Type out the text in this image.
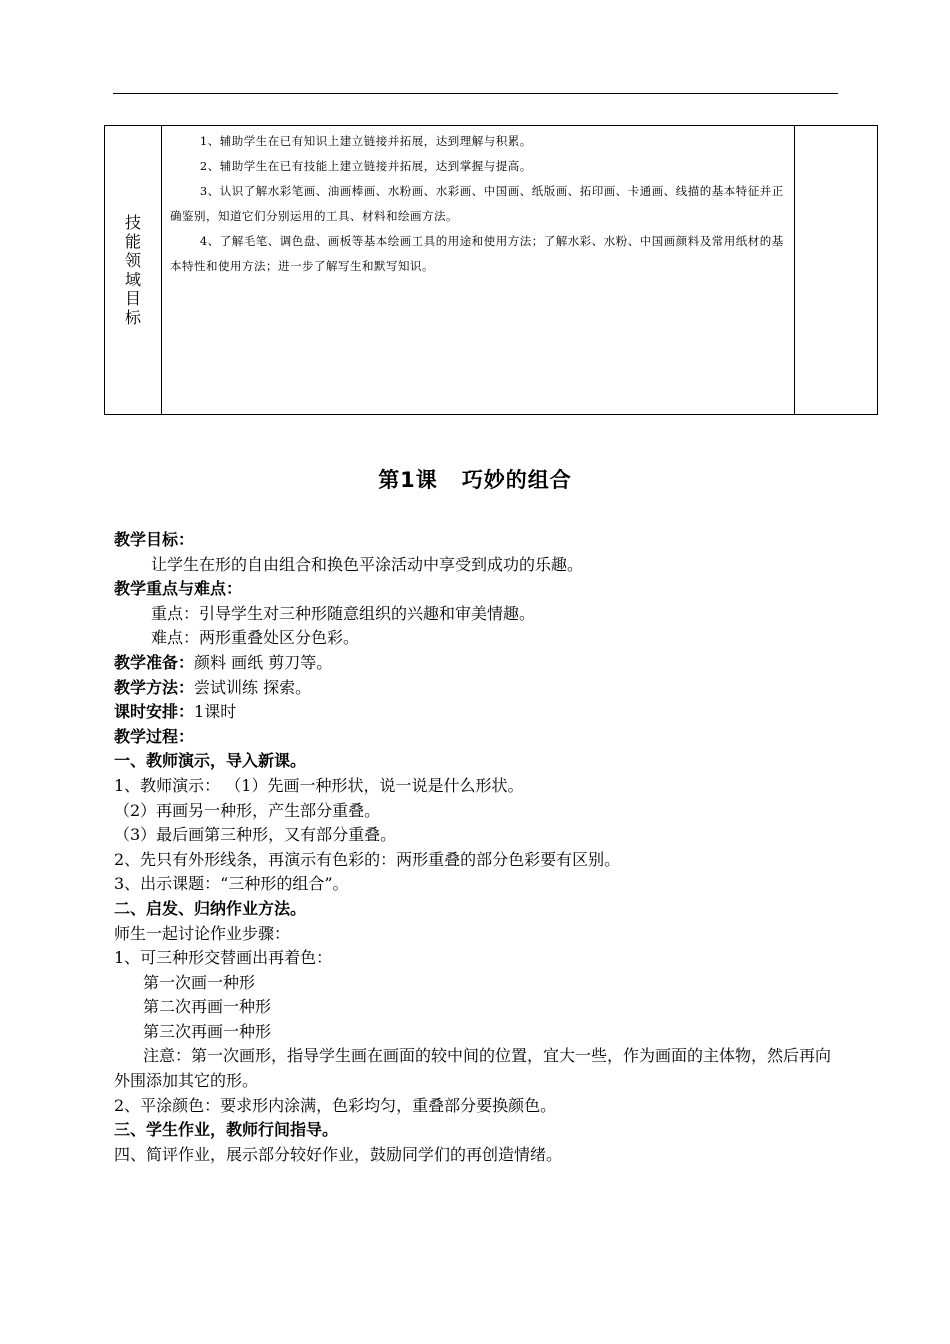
技能领域目标	

1、辅助学生在已有知识上建立链接并拓展，达到理解与积累。

2、辅助学生在已有技能上建立链接并拓展，达到掌握与提高。

3、认识了解水彩笔画、油画棒画、水粉画、水彩画、中国画、纸版画、拓印画、卡通画、线描的基本特征并正确鉴别，知道它们分别运用的工具、材料和绘画方法。

4、了解毛笔、调色盘、画板等基本绘画工具的用途和使用方法；了解水彩、水粉、中国画颜料及常用纸材的基本特性和使用方法；进一步了解写生和默写知识。

第1课 巧妙的组合

教学目标：

让学生在形的自由组合和换色平涂活动中享受到成功的乐趣。

教学重点与难点：

重点：引导学生对三种形随意组织的兴趣和审美情趣。

难点：两形重叠处区分色彩。

教学准备：颜料 画纸 剪刀等。

教学方法：尝试训练 探索。

课时安排：1课时

教学过程：

一、教师演示，导入新课。

1、教师演示： （1）先画一种形状，说一说是什么形状。

（2）再画另一种形，产生部分重叠。

（3）最后画第三种形，又有部分重叠。

2、先只有外形线条，再演示有色彩的：两形重叠的部分色彩要有区别。

3、出示课题：“三种形的组合”。

二、启发、归纳作业方法。

师生一起讨论作业步骤：

1、可三种形交替画出再着色：

第一次画一种形

第二次再画一种形

第三次再画一种形

注意：第一次画形，指导学生画在画面的较中间的位置，宜大一些，作为画面的主体物，然后再向外围添加其它的形。

2、平涂颜色：要求形内涂满，色彩均匀，重叠部分要换颜色。

三、学生作业，教师行间指导。

四、简评作业，展示部分较好作业，鼓励同学们的再创造情绪。
